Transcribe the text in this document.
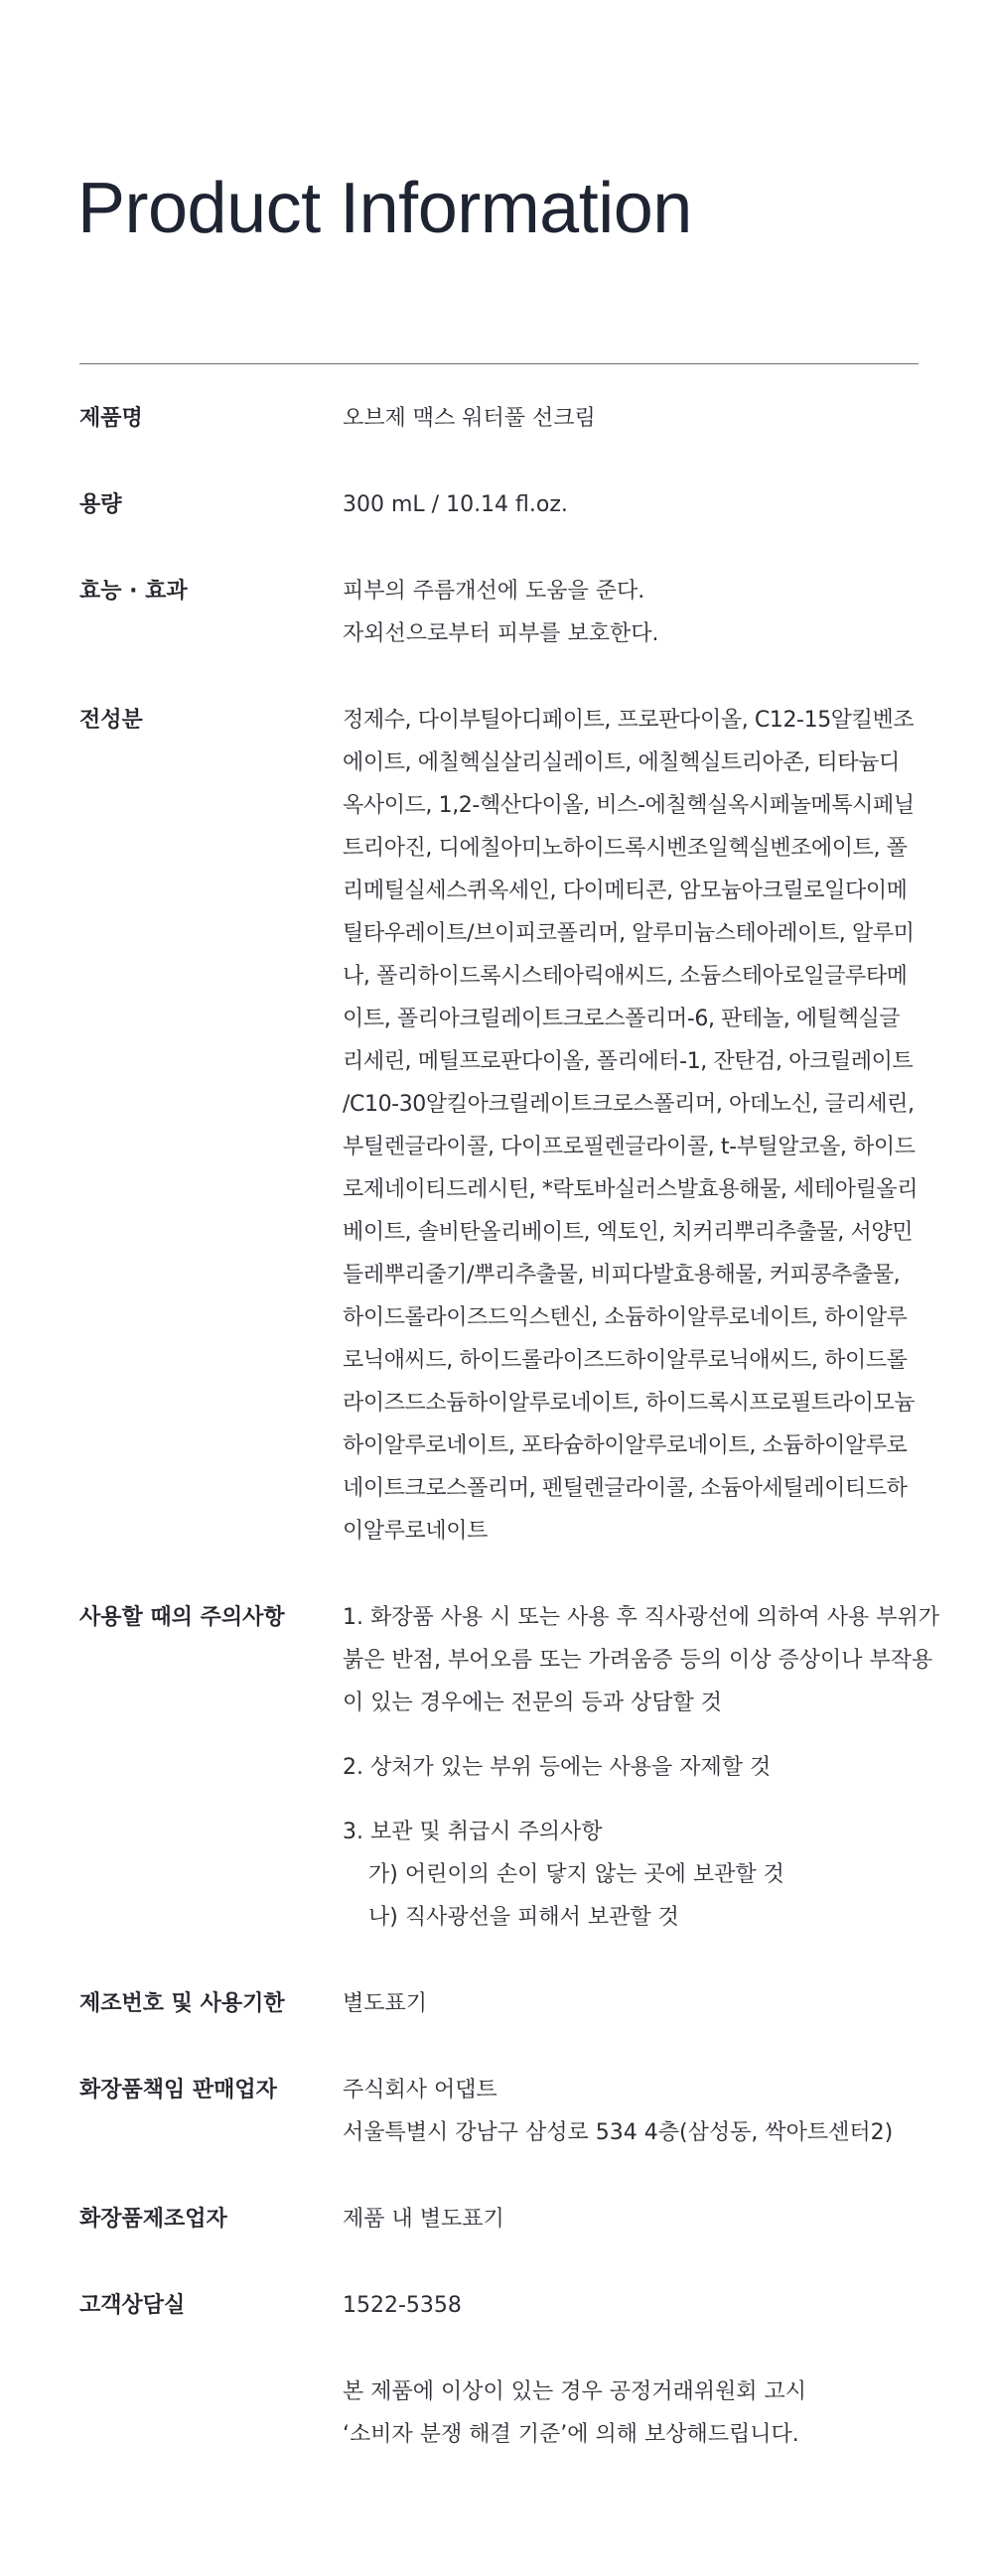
Product Information
제품명	오브제 맥스 워터풀 선크림
용량	300 mL / 10.14 fl.oz.
효능 · 효과	피부의 주름개선에 도움을 준다.
자외선으로부터 피부를 보호한다.
전성분	정제수, 다이부틸아디페이트, 프로판다이올, C12-15알킬벤조
에이트, 에칠헥실살리실레이트, 에칠헥실트리아존, 티타늄디
옥사이드, 1,2-헥산다이올, 비스-에칠헥실옥시페놀메톡시페닐
트리아진, 디에칠아미노하이드록시벤조일헥실벤조에이트, 폴
리메틸실세스퀴옥세인, 다이메티콘, 암모늄아크릴로일다이메
틸타우레이트/브이피코폴리머, 알루미늄스테아레이트, 알루미
나, 폴리하이드록시스테아릭애씨드, 소듐스테아로일글루타메
이트, 폴리아크릴레이트크로스폴리머-6, 판테놀, 에틸헥실글
리세린, 메틸프로판다이올, 폴리에터-1, 잔탄검, 아크릴레이트
/C10-30알킬아크릴레이트크로스폴리머, 아데노신, 글리세린,
부틸렌글라이콜, 다이프로필렌글라이콜, t-부틸알코올, 하이드
로제네이티드레시틴, *락토바실러스발효용해물, 세테아릴올리
베이트, 솔비탄올리베이트, 엑토인, 치커리뿌리추출물, 서양민
들레뿌리줄기/뿌리추출물, 비피다발효용해물, 커피콩추출물,
하이드롤라이즈드익스텐신, 소듐하이알루로네이트, 하이알루
로닉애씨드, 하이드롤라이즈드하이알루로닉애씨드, 하이드롤
라이즈드소듐하이알루로네이트, 하이드록시프로필트라이모늄
하이알루로네이트, 포타슘하이알루로네이트, 소듐하이알루로
네이트크로스폴리머, 펜틸렌글라이콜, 소듐아세틸레이티드하
이알루로네이트
사용할 때의 주의사항	1. 화장품 사용 시 또는 사용 후 직사광선에 의하여 사용 부위가
붉은 반점, 부어오름 또는 가려움증 등의 이상 증상이나 부작용
이 있는 경우에는 전문의 등과 상담할 것
2. 상처가 있는 부위 등에는 사용을 자제할 것
3. 보관 및 취급시 주의사항
가) 어린이의 손이 닿지 않는 곳에 보관할 것
나) 직사광선을 피해서 보관할 것
제조번호 및 사용기한	별도표기
화장품책임 판매업자	주식회사 어댑트
서울특별시 강남구 삼성로 534 4층(삼성동, 싹아트센터2)
화장품제조업자	제품 내 별도표기
고객상담실	1522-5358
본 제품에 이상이 있는 경우 공정거래위원회 고시
‘소비자 분쟁 해결 기준’에 의해 보상해드립니다.
